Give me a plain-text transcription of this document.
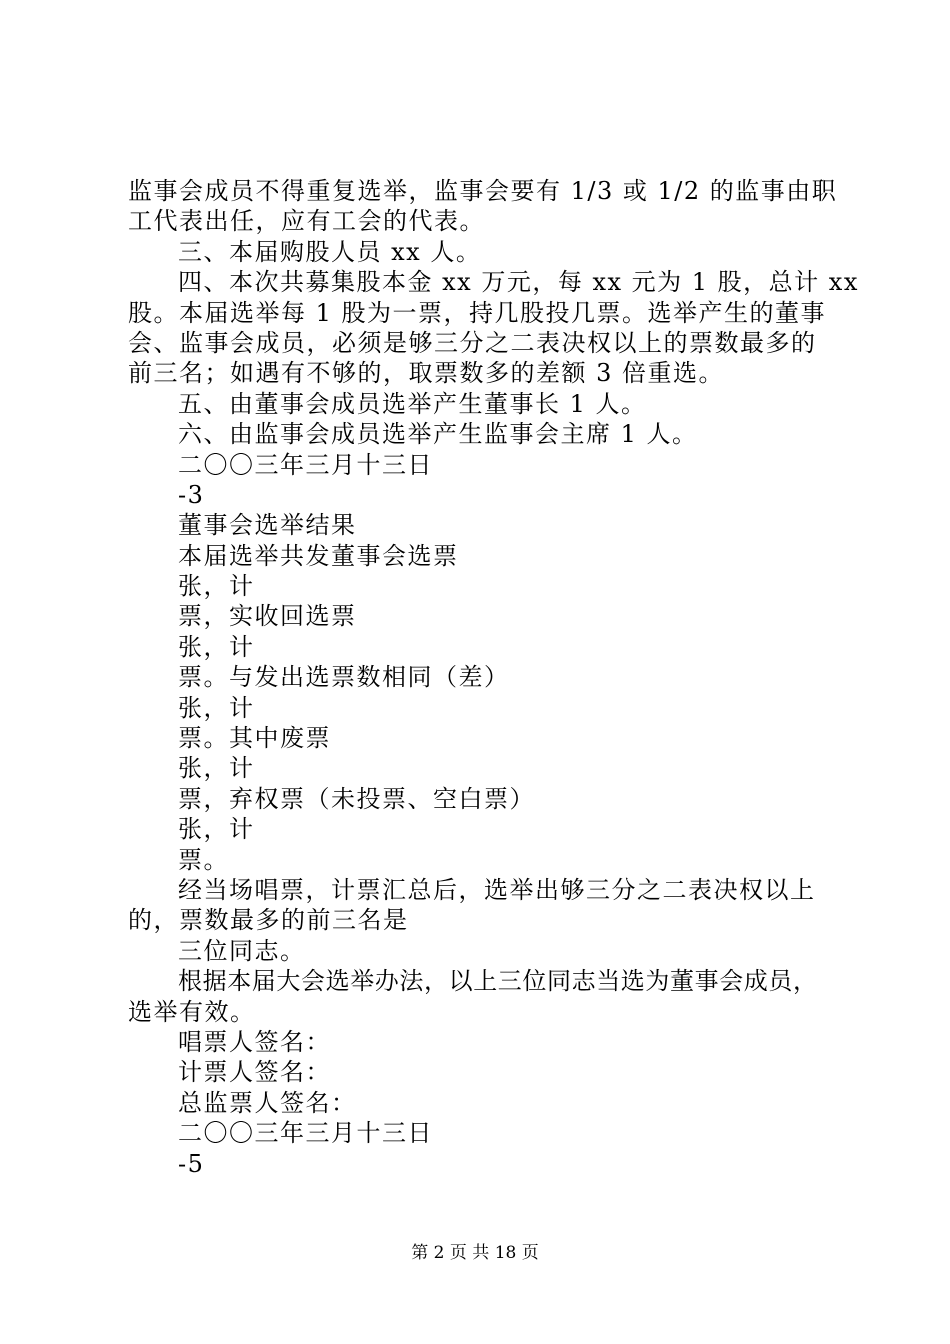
监事会成员不得重复选举，监事会要有 1/3 或 1/2 的监事由职
工代表出任，应有工会的代表。
三、本届购股人员 xx 人。
四、本次共募集股本金 xx 万元，每 xx 元为 1 股，总计 xx
股。本届选举每 1 股为一票，持几股投几票。选举产生的董事
会、监事会成员，必须是够三分之二表决权以上的票数最多的
前三名；如遇有不够的，取票数多的差额 3 倍重选。
五、由董事会成员选举产生董事长 1 人。
六、由监事会成员选举产生监事会主席 1 人。
二〇〇三年三月十三日
-3
董事会选举结果
本届选举共发董事会选票
张，计
票，实收回选票
张，计
票。与发出选票数相同（差）
张，计
票。其中废票
张，计
票，弃权票（未投票、空白票）
张，计
票。
经当场唱票，计票汇总后，选举出够三分之二表决权以上
的，票数最多的前三名是
三位同志。
根据本届大会选举办法，以上三位同志当选为董事会成员，
选举有效。
唱票人签名：
计票人签名：
总监票人签名：
二〇〇三年三月十三日
-5
第 2 页 共 18 页
